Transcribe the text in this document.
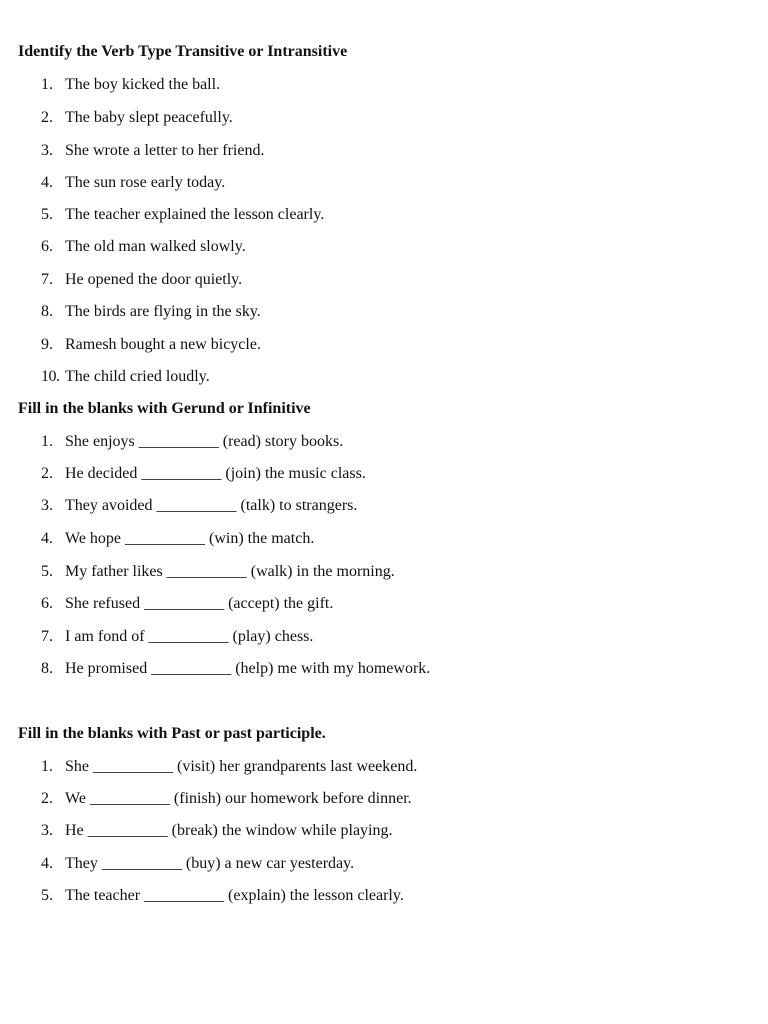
Identify the Verb Type Transitive or Intransitive
1. The boy kicked the ball.
2. The baby slept peacefully.
3. She wrote a letter to her friend.
4. The sun rose early today.
5. The teacher explained the lesson clearly.
6. The old man walked slowly.
7. He opened the door quietly.
8. The birds are flying in the sky.
9. Ramesh bought a new bicycle.
10. The child cried loudly.
Fill in the blanks with Gerund or Infinitive
1. She enjoys __________ (read) story books.
2. He decided __________ (join) the music class.
3. They avoided __________ (talk) to strangers.
4. We hope __________ (win) the match.
5. My father likes __________ (walk) in the morning.
6. She refused __________ (accept) the gift.
7. I am fond of __________ (play) chess.
8. He promised __________ (help) me with my homework.
Fill in the blanks with Past or past participle.
1. She __________ (visit) her grandparents last weekend.
2. We __________ (finish) our homework before dinner.
3. He __________ (break) the window while playing.
4. They __________ (buy) a new car yesterday.
5. The teacher __________ (explain) the lesson clearly.
